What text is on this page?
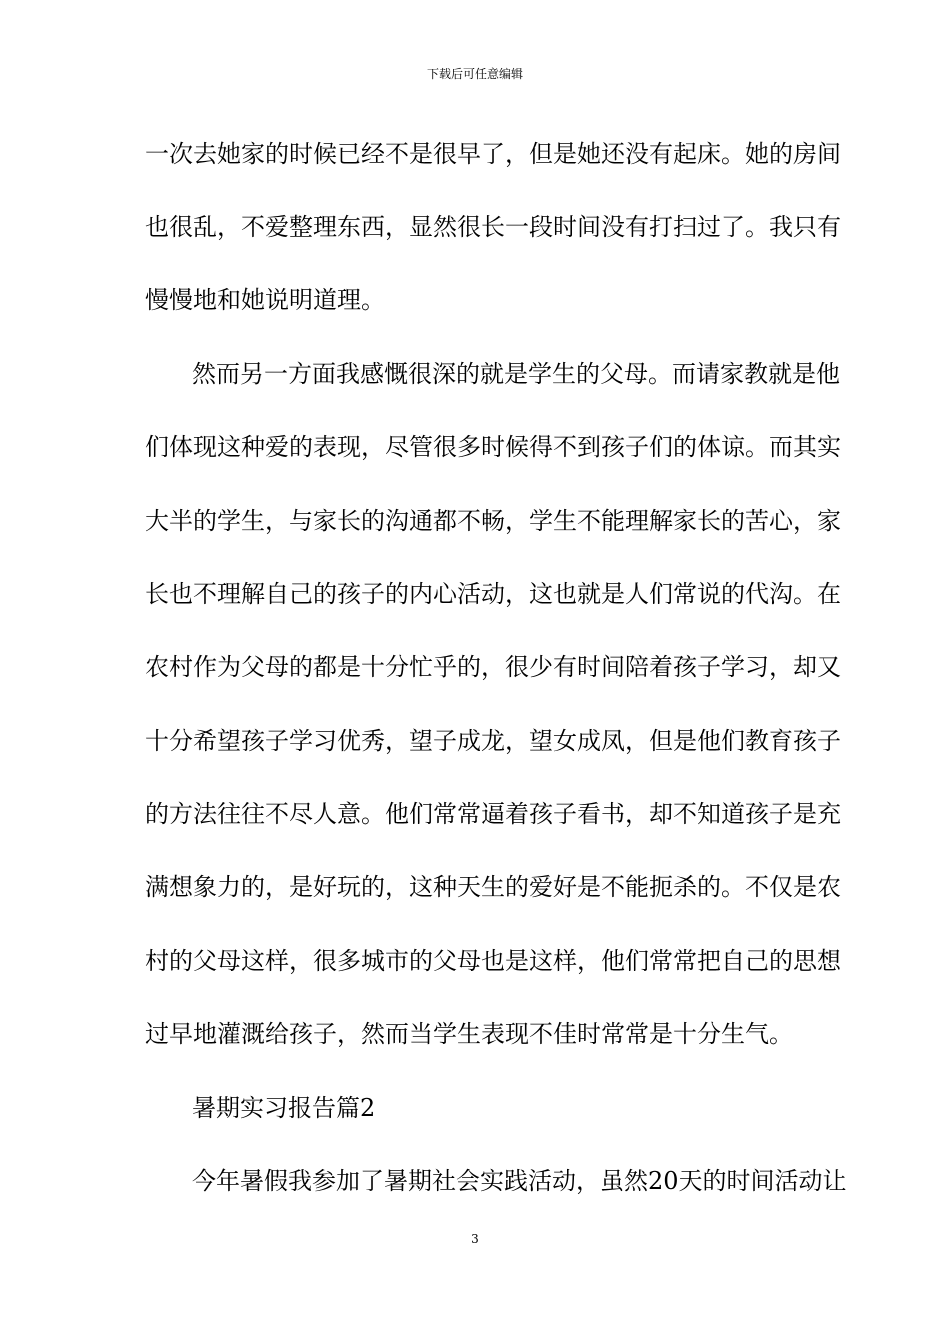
下载后可任意编辑
一次去她家的时候已经不是很早了，但是她还没有起床。她的房间
也很乱，不爱整理东西，显然很长一段时间没有打扫过了。我只有
慢慢地和她说明道理。
然而另一方面我感慨很深的就是学生的父母。而请家教就是他
们体现这种爱的表现，尽管很多时候得不到孩子们的体谅。而其实
大半的学生，与家长的沟通都不畅，学生不能理解家长的苦心，家
长也不理解自己的孩子的内心活动，这也就是人们常说的代沟。在
农村作为父母的都是十分忙乎的，很少有时间陪着孩子学习，却又
十分希望孩子学习优秀，望子成龙，望女成凤，但是他们教育孩子
的方法往往不尽人意。他们常常逼着孩子看书，却不知道孩子是充
满想象力的，是好玩的，这种天生的爱好是不能扼杀的。不仅是农
村的父母这样，很多城市的父母也是这样，他们常常把自己的思想
过早地灌溉给孩子，然而当学生表现不佳时常常是十分生气。
暑期实习报告篇2
今年暑假我参加了暑期社会实践活动，虽然20天的时间活动让
3
